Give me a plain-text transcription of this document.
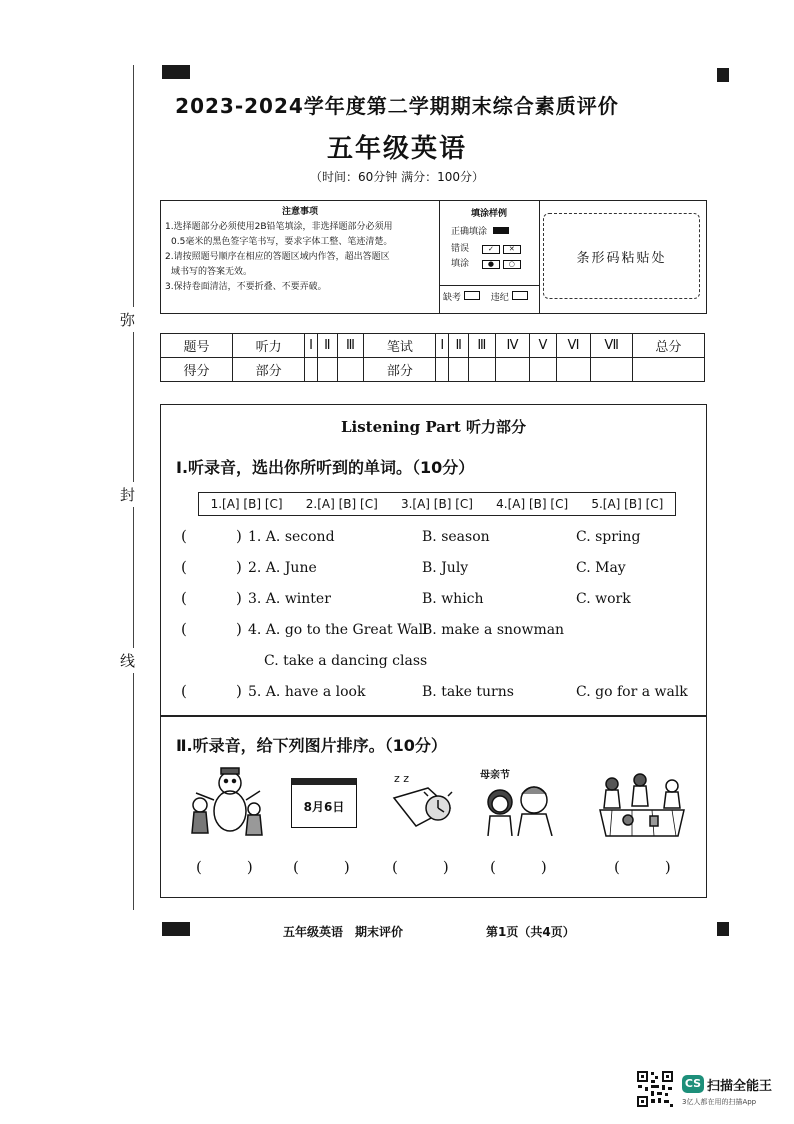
弥
封
线
2023-2024学年度第二学期期末综合素质评价
五年级英语
（时间：60分钟 满分：100分）
注意事项
1.选择题部分必须使用2B铅笔填涂，非选择题部分必须用
0.5毫米的黑色签字笔书写，要求字体工整、笔迹清楚。
2.请按照题号顺序在相应的答题区域内作答，超出答题区
域书写的答案无效。
3.保持卷面清洁，不要折叠、不要弄破。
填涂样例
正确填涂
错误	✓ ✕
填涂	● ○
缺考	违纪
条形码粘贴处
题号	听力	Ⅰ	Ⅱ	Ⅲ	笔试	Ⅰ	Ⅱ	Ⅲ	Ⅳ	Ⅴ	Ⅵ	Ⅶ	总分
得分	部分				部分								
Listening Part 听力部分
Ⅰ.听录音，选出你所听到的单词。（10分）
1.[A] [B] [C] 2.[A] [B] [C] 3.[A] [B] [C] 4.[A] [B] [C] 5.[A] [B] [C]
(	) 1. A. second	B. season	C. spring
(	) 2. A. June	B. July	C. May
(	) 3. A. winter	B. which	C. work
(	) 4. A. go to the Great Wall
B. make a snowman
C. take a dancing class
(	) 5. A. have a look	B. take turns	C. go for a walk
Ⅱ.听录音，给下列图片排序。（10分）
8月6日
z z	母亲节
(　　　)	(　　　)	(　　　)	(　　　)	(　　　)
五年级英语　期末评价	第1页（共4页）
CS 扫描全能王
3亿人都在用的扫描App
